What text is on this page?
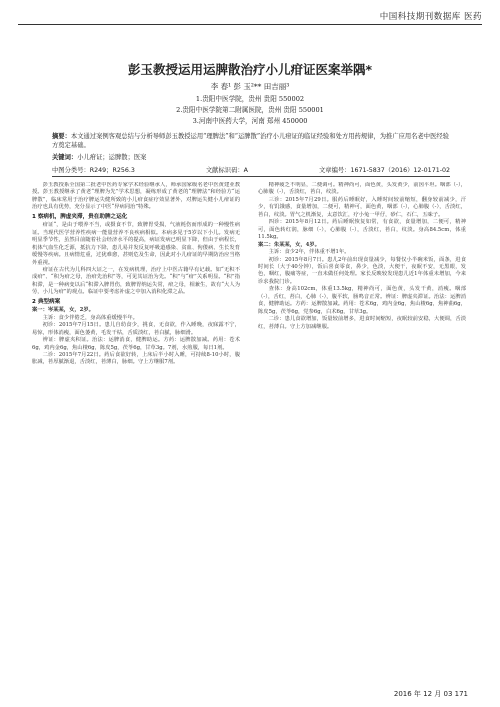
中国科技期刊数据库 医药
彭玉教授运用运脾散治疗小儿疳证医案举隅*
李 春¹ 彭 玉²** 田吉丽³
1.贵阳中医学院，贵州 贵阳 550002
2.贵阳中医学院第二附属医院，贵州 贵阳 550001
3.河南中医药大学，河南 郑州 450000
摘要：本文通过案例客观总结与分析导师彭玉教授运用“理脾法”和“运脾散”治疗小儿疳证的临证经验和处方用药规律，为推广应用名老中医经验方奠定基础。
关键词：小儿疳证；运脾散；医案
中图分类号：R249；R256.3	文献标识码：A	文章编号：1671-5837（2016）12-0171-02

彭玉教授系全国第二批老中医药专家学术经验继承人，师承国家级名老中医黄建业教授。彭玉教授继承了黄老“理脾为先”学术思想，凝练形成了黄老的“理脾法”和经验方“运脾散”，临床常用于治疗脾运失健所致的小儿疳食症疗效显著外，对脾运失健小儿疳证的治疗也具有优势，充分显示了中医“异病同治”特殊。

1 察病机，脾虚夹滞，贵在助脾之运化

疳证“，是由于喂养不当，或摄食不节，致脾胃受损，气液耗伤而形成的一种慢性病证。当现代医学营养性疾病一能量营养不良疾病相似。本病多见于5岁以下小儿。发病无明显季节性，虽然目前随着社会经济水平的提高，病证发病已明显下降，但由于病程长，机体气血生化乏源，抵抗力下降，患儿易并发反复呼吸道感染、贫血、佝偻病、生长发育缓慢等疾病。且病情危重，过犹难愈，甚则危及生命，因此对小儿疳证的早期防治应当格外重视。

疳证在古代为儿科四大证之一，在发病机理，治疗上中医古籍早有记载。如“无积不成疳”、“积为疳之母，治疳先治积”等，可见其证治为先。“积”与“疳”关系明显。“积”指积滞，是一种病变以后“积滞入脾胃伤，致脾胃纳运失常，疳之母，相兼生，故有“大人为劳，小儿为疳”的观点。临证中要考虑补虚之中加入消积化滞之品。

2 典型病案

案一：岑某某，女，2岁。

主诉：食少伴倦乏，身高体重缓慢半年。

初诊：2015年7月15日。患儿自幼食少，挑食，无食欲，作入睡晚，夜寐露不宁，易惊，形体消瘦，面色萎黄，毛发干枯，舌质淡红，苔白腻，脉细滑。

辨证：脾虚夹积证。治法：运脾消食，健脾助运。方药：运脾散加减。药用：苍术6g，鸡内金6g，焦山楂6g，陈皮5g，茯苓6g，甘草3g。7剂，水煎服，每日1剂。

二诊：2015年7月22日。药后食欲好转，上床后半小时入睡，可持续8-10小时，腹胀减，苔厚腻渐退，舌淡红，苔薄白，脉细。守上方继服7剂。

精神疲乏不明显，二便调可。精神尚可，面色黄，头发黄少，前囟平坦。咽部（-），心肺腹（-），舌淡红，苔白，纹淡。

三诊：2015年7月29日。服药后睡眠好，入睡时间较前缩短，翻身较前减少，汗少，有饥饿感，食量增加，二便可，精神可，面色黄，咽部（-），心肺腹（-），舌淡红，苔白，纹淡。胃气之机渐复，太意饮汇，疗小兔一甲仔，砂仁，石仁，五味子。

四诊：2015年8月12日。药后睡眠恢复如常，有食欲，食量增加，二便可，精神可，面色转红润，脉细（-），心肺腹（-），舌淡红，苔白，纹淡。身高84.5cm，体重11.5kg。

案二：朱某某，女，4岁。

主诉：食少2年，伴体重不增1年。

初诊：2015年8月7日。患儿2年前出现食量减少，每餐仅小半碗米饭，面条，进食时间长（大于40分钟），饭后喜食零食，鼻少，色淡，大便干，夜眠不安，无黑眼，发色，咽红，腹痛等症，一直未做任何处理。家长反映较发现患儿近1年体重未增加，今来诊求我院门诊。

查体：身高102cm，体重13.5kg，精神尚可，面色黄，头发干黄，消瘦。咽部（-），舌红，苔白，心肺（-），腹平软，肠鸣音正常。辨证：脾虚夹滞证。治法：运脾消食，健脾助运。方药：运脾散加减。药用：苍术6g，鸡内金6g，焦山楂6g，焦神曲6g，陈皮5g，茯苓6g，党参6g，白术6g，甘草3g。

二诊：患儿食欲增加，饭量较前增多，进食时间缩短，夜眠较前安稳，大便调，舌淡红，苔薄白。守上方加减继服。

2016 年 12 月 03 171
